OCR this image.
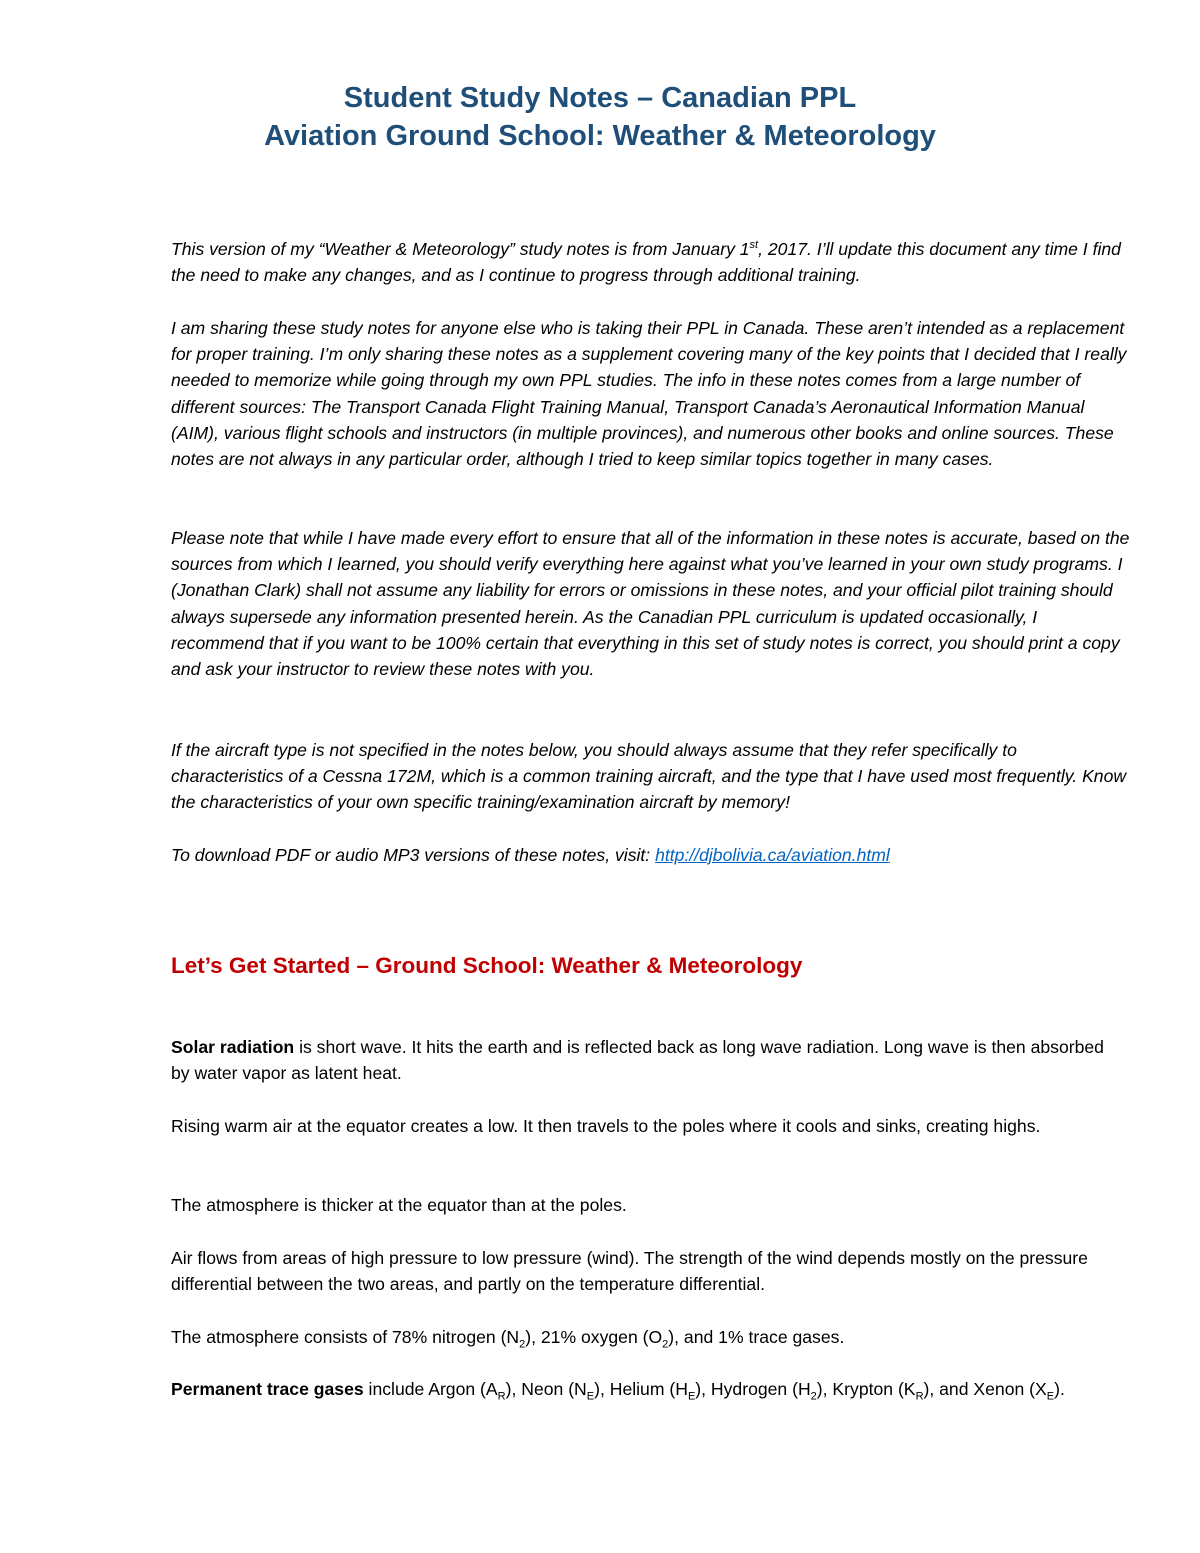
Student Study Notes – Canadian PPL
Aviation Ground School: Weather & Meteorology

This version of my “Weather & Meteorology” study notes is from January 1st, 2017. I’ll update this document any time I find the need to make any changes, and as I continue to progress through additional training.

I am sharing these study notes for anyone else who is taking their PPL in Canada. These aren’t intended as a replacement for proper training. I’m only sharing these notes as a supplement covering many of the key points that I decided that I really needed to memorize while going through my own PPL studies. The info in these notes comes from a large number of different sources: The Transport Canada Flight Training Manual, Transport Canada’s Aeronautical Information Manual (AIM), various flight schools and instructors (in multiple provinces), and numerous other books and online sources. These notes are not always in any particular order, although I tried to keep similar topics together in many cases.

Please note that while I have made every effort to ensure that all of the information in these notes is accurate, based on the sources from which I learned, you should verify everything here against what you’ve learned in your own study programs. I (Jonathan Clark) shall not assume any liability for errors or omissions in these notes, and your official pilot training should always supersede any information presented herein. As the Canadian PPL curriculum is updated occasionally, I recommend that if you want to be 100% certain that everything in this set of study notes is correct, you should print a copy and ask your instructor to review these notes with you.

If the aircraft type is not specified in the notes below, you should always assume that they refer specifically to characteristics of a Cessna 172M, which is a common training aircraft, and the type that I have used most frequently. Know the characteristics of your own specific training/examination aircraft by memory!

To download PDF or audio MP3 versions of these notes, visit: http://djbolivia.ca/aviation.html

Let’s Get Started – Ground School: Weather & Meteorology

Solar radiation is short wave. It hits the earth and is reflected back as long wave radiation. Long wave is then absorbed by water vapor as latent heat.

Rising warm air at the equator creates a low. It then travels to the poles where it cools and sinks, creating highs.

The atmosphere is thicker at the equator than at the poles.

Air flows from areas of high pressure to low pressure (wind). The strength of the wind depends mostly on the pressure differential between the two areas, and partly on the temperature differential.

The atmosphere consists of 78% nitrogen $(N_2)$, 21% oxygen $(O_2)$, and 1% trace gases.

Permanent trace gases include Argon $(A_R)$, Neon $(N_E)$, Helium $(H_E)$, Hydrogen $(H_2)$, Krypton $(K_R)$, and Xenon $(X_E)$.
